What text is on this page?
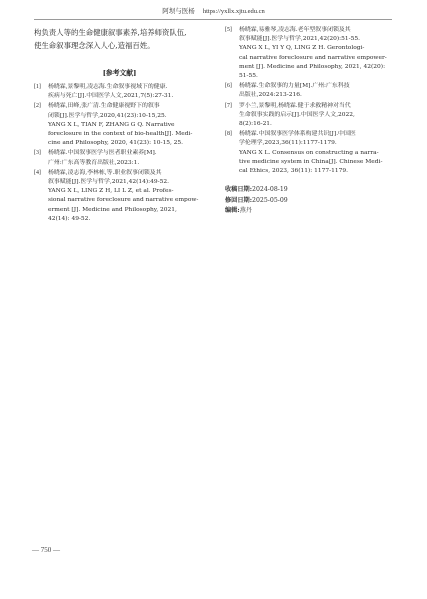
阿坝与医杨 https://yxllx.xjtu.edu.cn

构负责人等的生命健康叙事素养,培养师资队伍,
使生命叙事理念深入人心,造福百姓。

[参考文献]
[1]	杨晓霖,景黎明,凌志海.生命叙事视域下的健康.
疾病与死亡[J].中国医学人文,2021,7(5):27-31.
[2]	杨晓霖,田峰,张广清.生命健康视野下的叙事
闭锁[J].医学与哲学,2020,41(23):10-15,25.
YANG X L, TIAN F, ZHANG G Q. Narrative
foreclosure in the context of bio-health[J]. Medi-
cine and Philosophy, 2020, 41(23): 10-15, 25.
[3]	杨晓霖.中国叙事医学与医者职业素养[M].
广州:广东高等教育出版社,2023:1.
[4]	杨晓霖,凌志海,李林栋,等.职业叙事闭锁及其
叙事赋能[J].医学与哲学,2021,42(14):49-52.
YANG X L, LING Z H, LI L Z, et al. Profes-
sional narrative foreclosure and narrative empow-
erment [J]. Medicine and Philosophy, 2021,
42(14): 49-52.
[5]	杨晓霖,易雅琴,凌志海.老年型叙事闭锁及其
叙事赋能[J].医学与哲学,2021,42(20):51-55.
YANG X L, YI Y Q, LING Z H. Gerontologi-
cal narrative foreclosure and narrative empower-
ment [J]. Medicine and Philosophy, 2021, 42(20):
51-55.
[6]	杨晓霖.生命叙事的力量[M].广州:广东科技
出版社,2024:213-216.
[7]	罗小兰,景黎明,杨晓霖.健于求救精神对当代
生命叙事实践的启示[J].中国医学人文,2022,
8(2):16-21.
[8]	杨晓霖.中国叙事医学体系构建共识[J].中国医
学伦理学,2023,36(11):1177-1179.
YANG X L. Consensus on constructing a narra-
tive medicine system in China[J]. Chinese Medi-
cal Ethics, 2023, 36(11): 1177-1179.
收稿日期:2024-08-19
修回日期:2025-05-09
编辑:燕丹
— 750 —
